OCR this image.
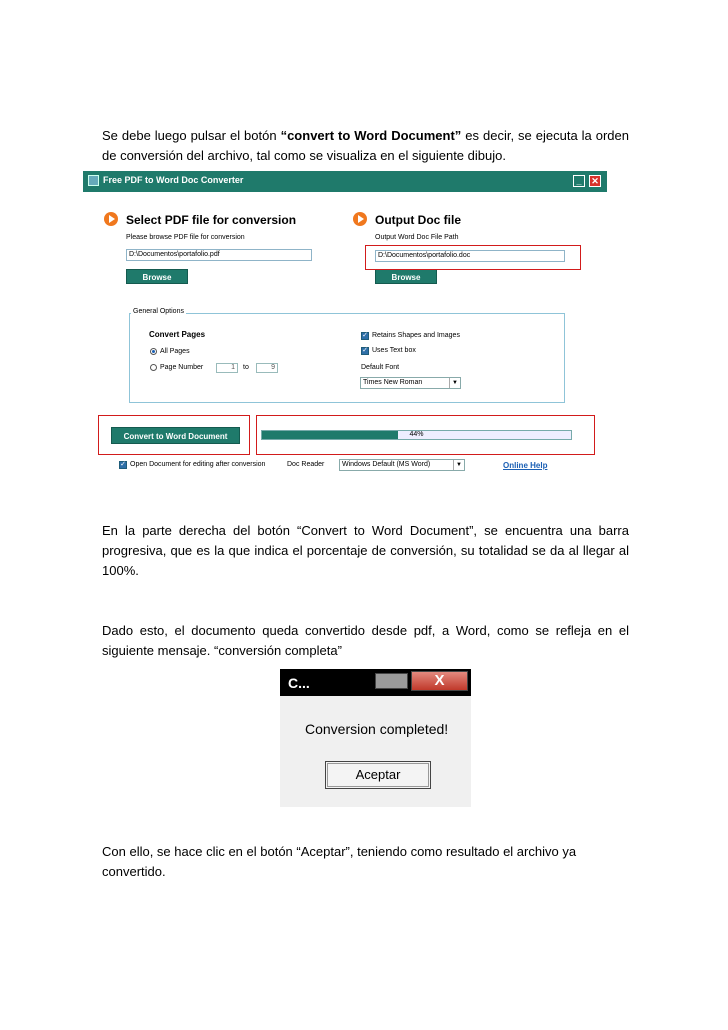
Se debe luego pulsar el botón “convert to Word Document” es decir, se ejecuta la orden de conversión del archivo, tal como se visualiza en el siguiente dibujo.

Free PDF to Word Doc Converter	_	✕
Select PDF file for conversion
Please browse PDF file for conversion
D:\Documentos\portafolio.pdf
Browse
Output Doc file
Output Word Doc File Path
D:\Documentos\portafolio.doc
Browse
General Options
Convert Pages
All Pages
Page Number	1	to	9
✓ Retains Shapes and Images
✓ Uses Text box
Default Font
Times New Roman	▼
Convert to Word Document	44%
✓ Open Document for editing after conversion	Doc Reader	Windows Default (MS Word)	▼	Online Help

En la parte derecha del botón “Convert to Word Document”, se encuentra una barra progresiva, que es la que indica el porcentaje de conversión, su totalidad se da al llegar al 100%.

Dado esto, el documento queda convertido desde pdf, a Word, como se refleja en el siguiente mensaje. “conversión completa”

C...	X
Conversion completed!
Aceptar

Con ello, se hace clic en el botón “Aceptar”, teniendo como resultado el archivo ya convertido.
